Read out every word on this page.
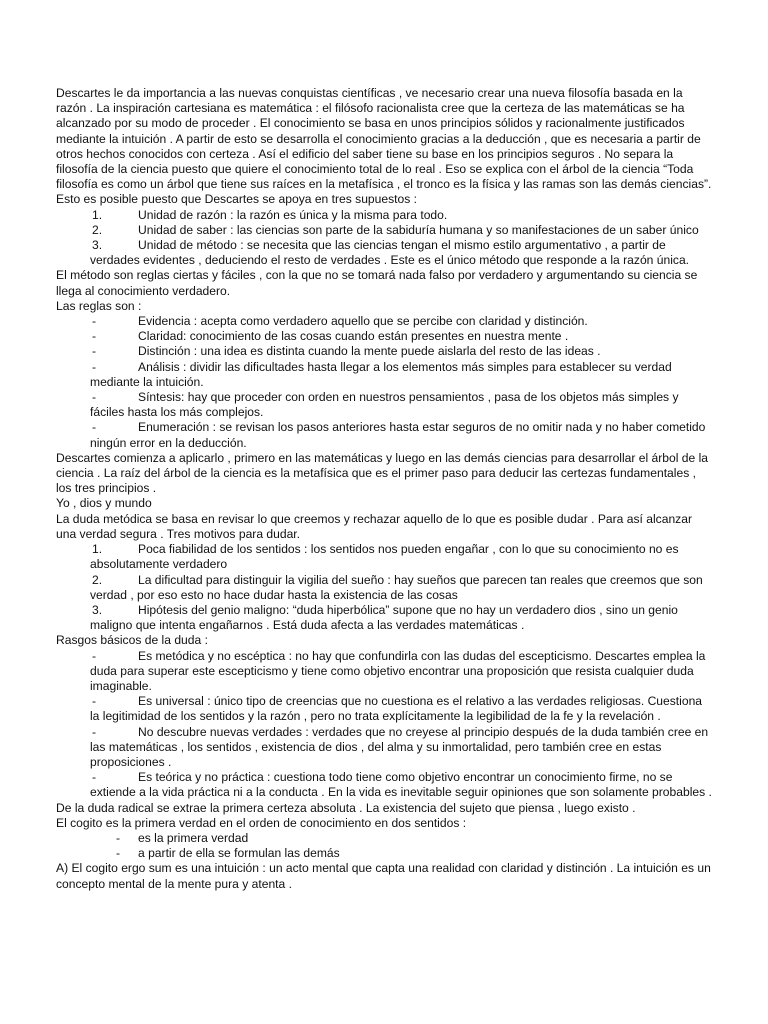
Descartes le da importancia a las nuevas conquistas científicas , ve necesario crear una nueva filosofía basada en la razón . La inspiración cartesiana es matemática : el filósofo racionalista cree que la certeza de las matemáticas se ha alcanzado por su modo de proceder . El conocimiento se basa en unos principios sólidos y racionalmente justificados mediante la intuición . A partir de esto se desarrolla el conocimiento gracias a la deducción , que es necesaria a partir de otros hechos conocidos con certeza . Así el edificio del saber tiene su base en los principios seguros . No separa la filosofía de la ciencia puesto que quiere el conocimiento total de lo real . Eso se explica con el árbol de la ciencia “Toda filosofía es como un árbol que tiene sus raíces en la metafísica , el tronco es la física y las ramas son las demás ciencias”. Esto es posible puesto que Descartes se apoya en tres supuestos :

1.	Unidad de razón : la razón es única y la misma para todo.

2.	Unidad de saber : las ciencias son parte de la sabiduría humana y so manifestaciones de un saber único

3.	Unidad de método : se necesita que las ciencias tengan el mismo estilo argumentativo , a partir de verdades evidentes , deduciendo el resto de verdades . Este es el único método que responde a la razón única.

El método son reglas ciertas y fáciles , con la que no se tomará nada falso por verdadero y argumentando su ciencia se llega al conocimiento verdadero.

Las reglas son :

-	Evidencia : acepta como verdadero aquello que se percibe con claridad y distinción.

-	Claridad: conocimiento de las cosas cuando están presentes en nuestra mente .

-	Distinción : una idea es distinta cuando la mente puede aislarla del resto de las ideas .

-	Análisis : dividir las dificultades hasta llegar a los elementos más simples para establecer su verdad mediante la intuición.

-	Síntesis: hay que proceder con orden en nuestros pensamientos , pasa de los objetos más simples y fáciles hasta los más complejos.

-	Enumeración : se revisan los pasos anteriores hasta estar seguros de no omitir nada y no haber cometido ningún error en la deducción.

Descartes comienza a aplicarlo , primero en las matemáticas y luego en las demás ciencias para desarrollar el árbol de la ciencia . La raíz del árbol de la ciencia es la metafísica que es el primer paso para deducir las certezas fundamentales , los tres principios .

Yo , dios y mundo

La duda metódica se basa en revisar lo que creemos y rechazar aquello de lo que es posible dudar . Para así alcanzar una verdad segura . Tres motivos para dudar.

1.	Poca fiabilidad de los sentidos : los sentidos nos pueden engañar , con lo que su conocimiento no es absolutamente verdadero

2.	La dificultad para distinguir la vigilia del sueño : hay sueños que parecen tan reales que creemos que son verdad , por eso esto no hace dudar hasta la existencia de las cosas

3.	Hipótesis del genio maligno: “duda hiperbólica” supone que no hay un verdadero dios , sino un genio maligno que intenta engañarnos . Está duda afecta a las verdades matemáticas .

Rasgos básicos de la duda :

-	Es metódica y no escéptica : no hay que confundirla con las dudas del escepticismo. Descartes emplea la duda para superar este escepticismo y tiene como objetivo encontrar una proposición que resista cualquier duda imaginable.

-	Es universal : único tipo de creencias que no cuestiona es el relativo a las verdades religiosas. Cuestiona la legitimidad de los sentidos y la razón , pero no trata explícitamente la legibilidad de la fe y la revelación .

-	No descubre nuevas verdades : verdades que no creyese al principio después de la duda también cree en las matemáticas , los sentidos , existencia de dios , del alma y su inmortalidad, pero también cree en estas proposiciones .

-	Es teórica y no práctica : cuestiona todo tiene como objetivo encontrar un conocimiento firme, no se extiende a la vida práctica ni a la conducta . En la vida es inevitable seguir opiniones que son solamente probables .

De la duda radical se extrae la primera certeza absoluta . La existencia del sujeto que piensa , luego existo .

El cogito es la primera verdad en el orden de conocimiento en dos sentidos :

-	es la primera verdad

-	a partir de ella se formulan las demás

A) El cogito ergo sum es una intuición : un acto mental que capta una realidad con claridad y distinción . La intuición es un concepto mental de la mente pura y atenta .
